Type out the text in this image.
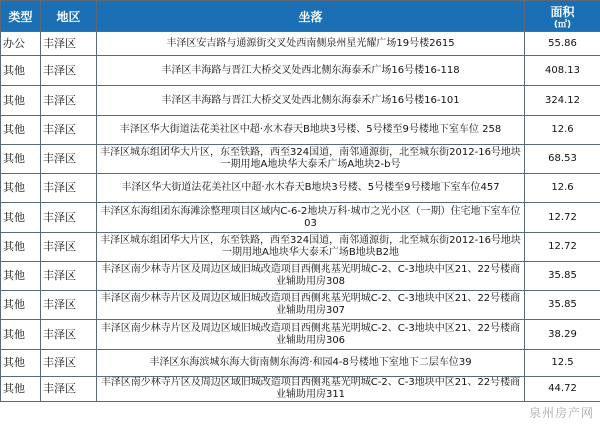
类型	地区	坐落	面积
(㎡)

办公	丰泽区	丰泽区安吉路与通源街交叉处西南侧泉州星光耀广场19号楼2615	55.86
其他	丰泽区	丰泽区丰海路与晋江大桥交叉处西北侧东海泰禾广场16号楼16-118	408.13
其他	丰泽区	丰泽区丰海路与晋江大桥交叉处西北侧东海泰禾广场16号楼16-101	324.12
其他	丰泽区	丰泽区华大街道法花美社区中超·水木春天B地块3号楼、5号楼至9号楼地下室车位 258	12.6
其他	丰泽区	丰泽区城东组团华大片区，东至铁路，西至324国道，南邻通源街，北至城东街2012-16号地块一期用地A地块华大泰禾广场A地块2-b号	68.53
其他	丰泽区	丰泽区华大街道法花美社区中超·水木春天B地块3号楼、5号楼至9号楼地下室车位457	12.6
其他	丰泽区	丰泽区东海组团东海滩涂整理项目区域内C-6-2地块万科·城市之光小区（一期）住宅地下室车位 03	12.72
其他	丰泽区	丰泽区城东组团华大片区，东至铁路，西至324国道，南邻通源街，北至城东街2012-16号地块一期用地A地块华大泰禾广场B地块B2地	12.72
其他	丰泽区	丰泽区南少林寺片区及周边区域旧城改造项目西侧兆基光明城C-2、C-3地块中区21、22号楼商业辅助用房308	35.85
其他	丰泽区	丰泽区南少林寺片区及周边区域旧城改造项目西侧兆基光明城C-2、C-3地块中区21、22号楼商业辅助用房307	35.85
其他	丰泽区	丰泽区南少林寺片区及周边区域旧城改造项目西侧兆基光明城C-2、C-3地块中区21、22号楼商业辅助用房306	38.29
其他	丰泽区	丰泽区东海滨城东海大街南侧东海湾·和园4-8号楼地下室地下二层车位39	12.5
其他	丰泽区	丰泽区南少林寺片区及周边区域旧城改造项目西侧兆基光明城C-2、C-3地块中区21、22号楼商业辅助用房311	44.72
泉州房产网
